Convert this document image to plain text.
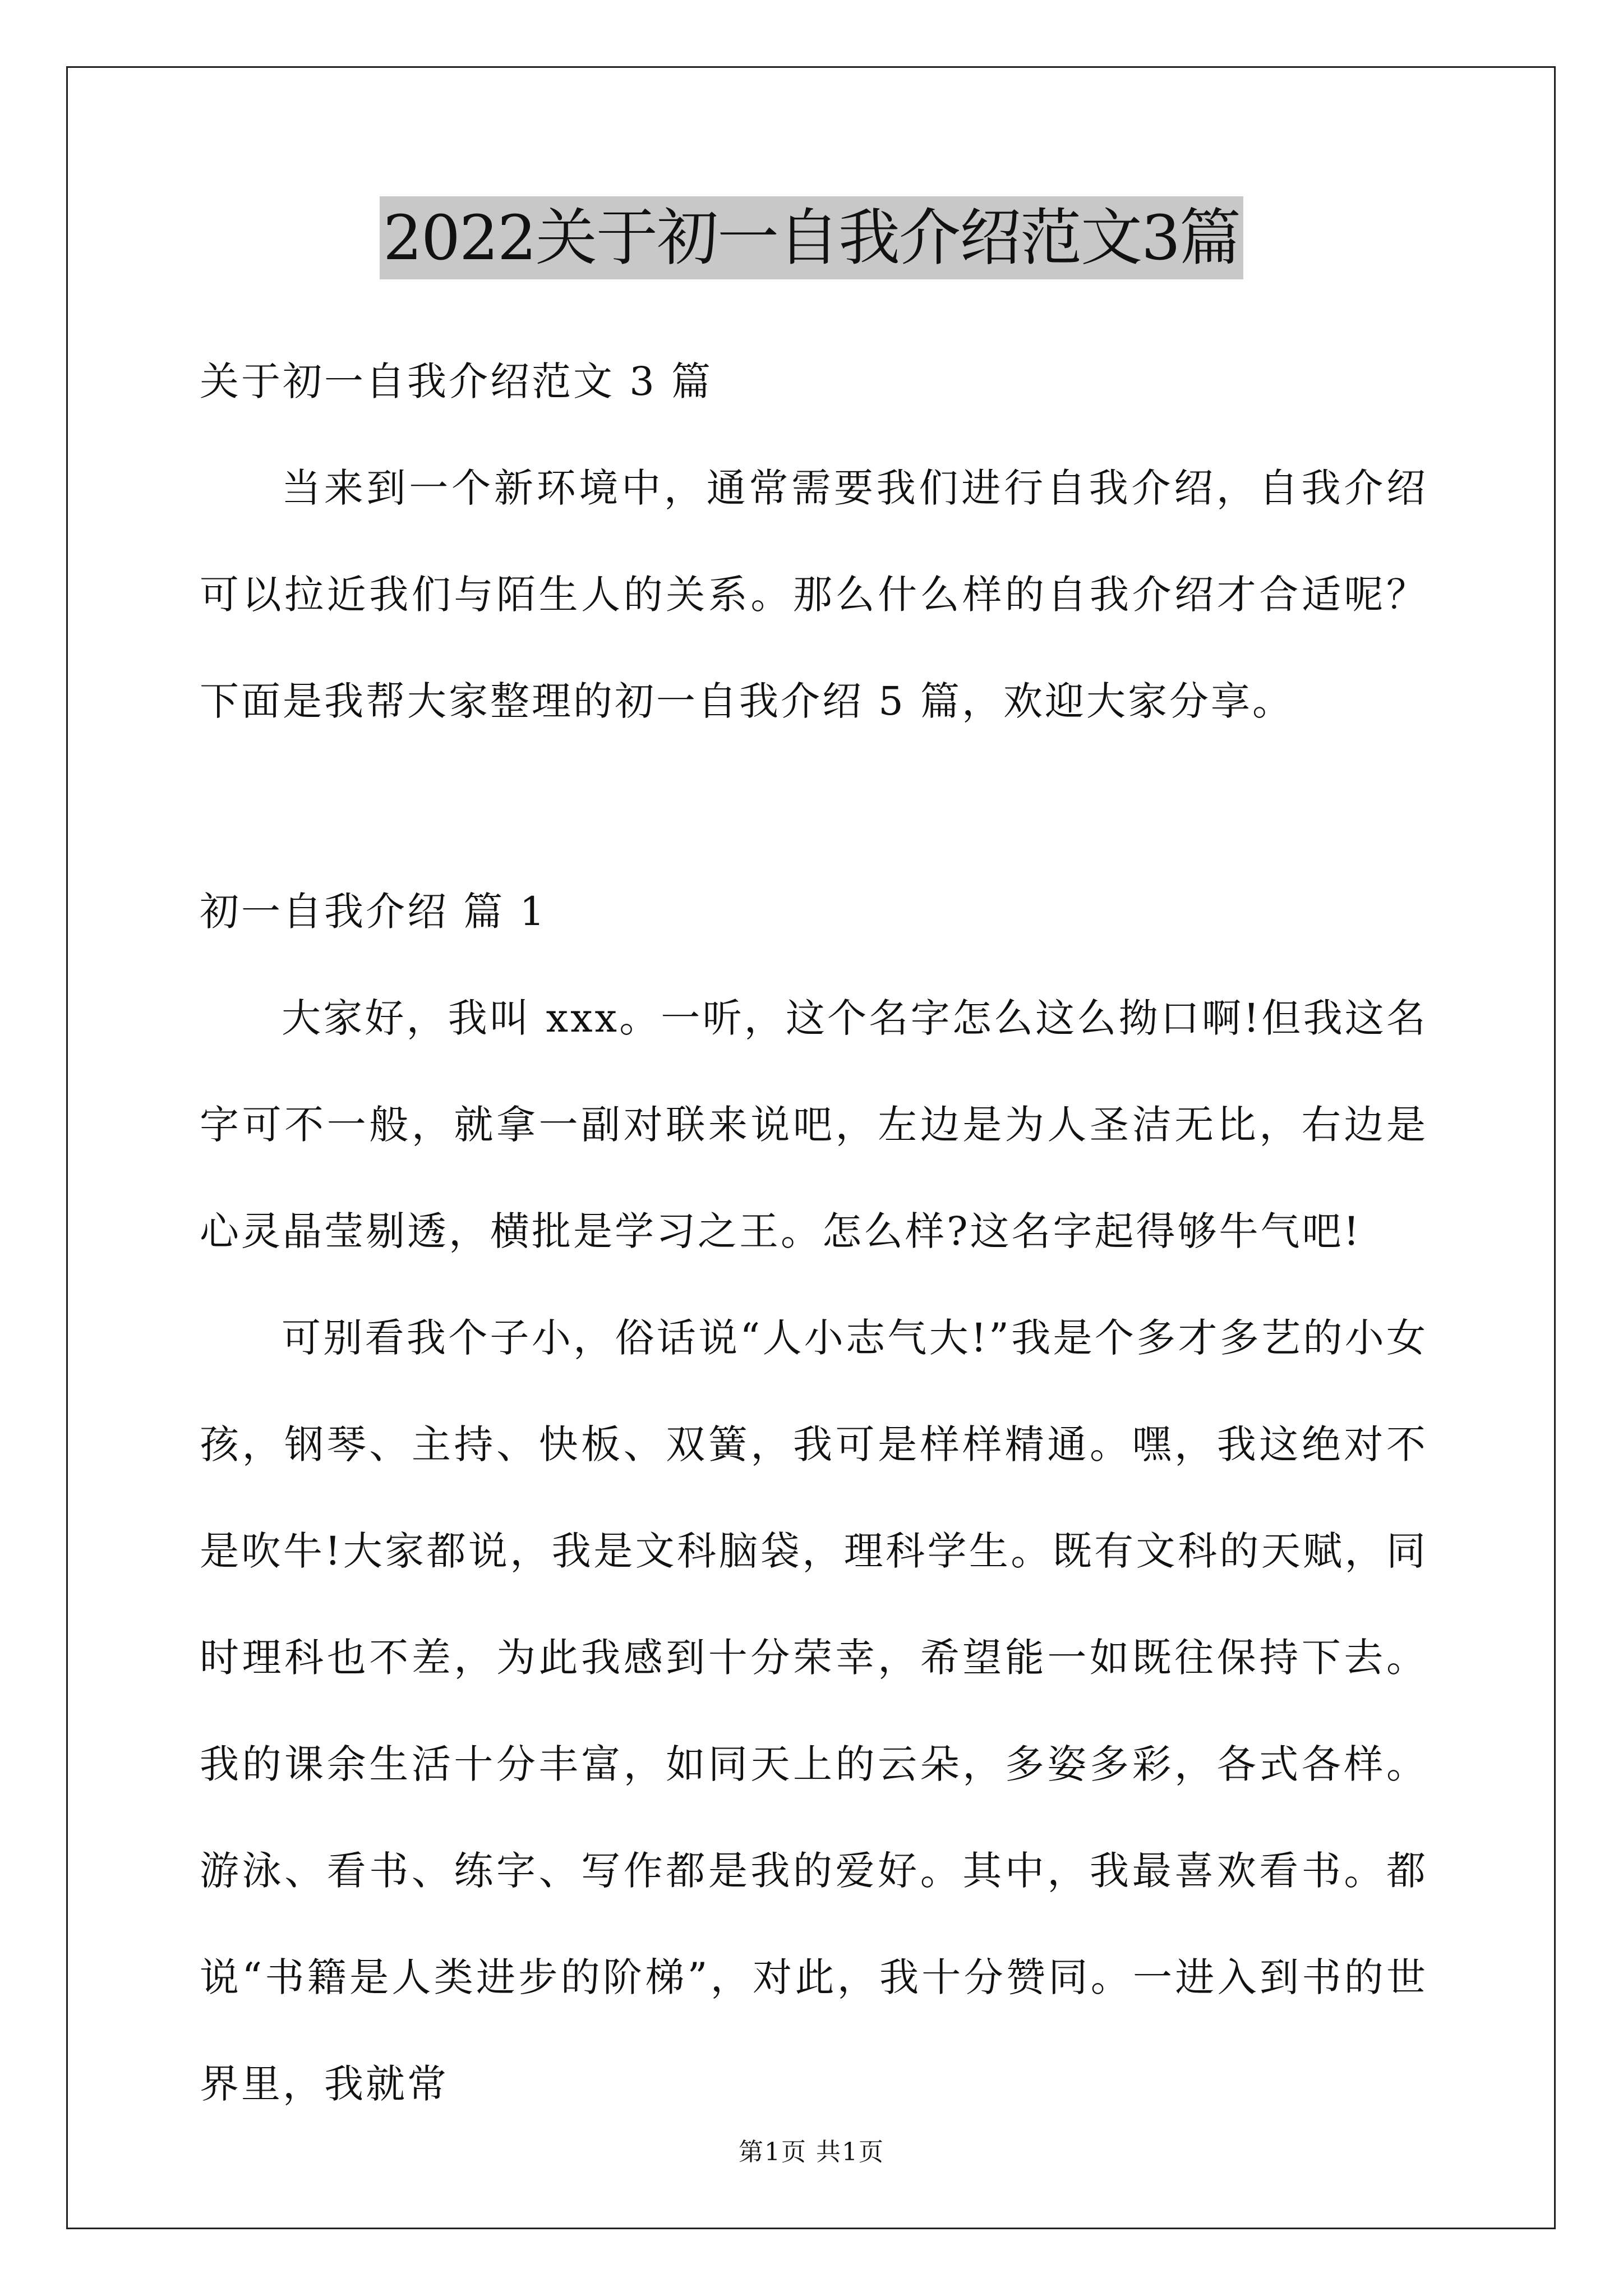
2022关于初一自我介绍范文3篇
关于初一自我介绍范文 3 篇

当来到一个新环境中，通常需要我们进行自我介绍，自我介绍可以拉近我们与陌生人的关系。那么什么样的自我介绍才合适呢？下面是我帮大家整理的初一自我介绍 5 篇，欢迎大家分享。

初一自我介绍 篇 1

大家好，我叫 xxx。一听，这个名字怎么这么拗口啊!但我这名字可不一般，就拿一副对联来说吧，左边是为人圣洁无比，右边是心灵晶莹剔透，横批是学习之王。怎么样?这名字起得够牛气吧!

可别看我个子小，俗话说“人小志气大!”我是个多才多艺的小女孩，钢琴、主持、快板、双簧，我可是样样精通。嘿，我这绝对不是吹牛!大家都说，我是文科脑袋，理科学生。既有文科的天赋，同时理科也不差，为此我感到十分荣幸，希望能一如既往保持下去。我的课余生活十分丰富，如同天上的云朵，多姿多彩，各式各样。游泳、看书、练字、写作都是我的爱好。其中，我最喜欢看书。都说“书籍是人类进步的阶梯”，对此，我十分赞同。一进入到书的世界里，我就常

第1页 共1页
